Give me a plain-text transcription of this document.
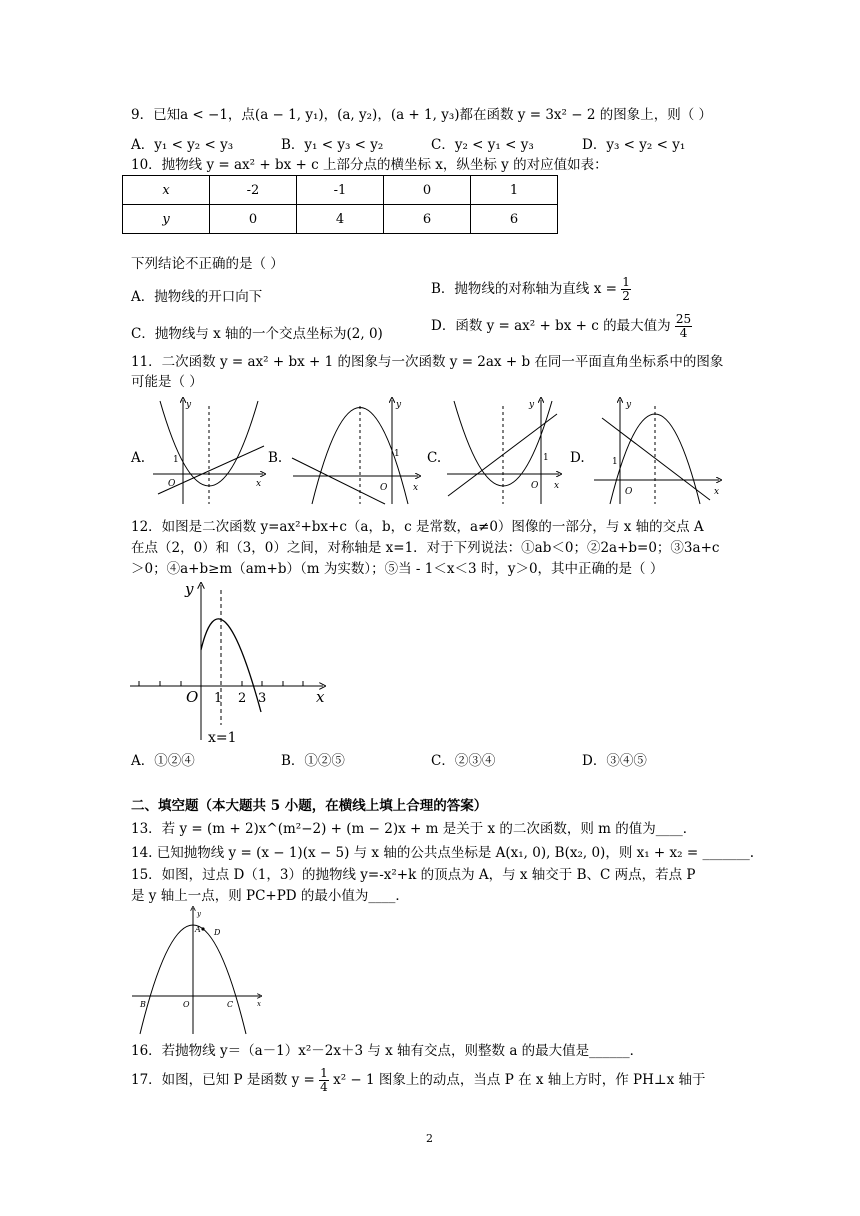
9．已知a < −1，点(a − 1, y₁)，(a, y₂)，(a + 1, y₃)都在函数 y = 3x² − 2 的图象上，则（ ）
A．y₁ < y₂ < y₃	B．y₁ < y₃ < y₂	C．y₂ < y₁ < y₃	D．y₃ < y₂ < y₁
10．抛物线 y = ax² + bx + c 上部分点的横坐标 x，纵坐标 y 的对应值如表：
x	-2	-1	0	1
y	0	4	6	6
下列结论不正确的是（ ）
A．抛物线的开口向下	B．抛物线的对称轴为直线 $x = \frac{1}{2}$
C．抛物线与 x 轴的一个交点坐标为(2, 0)	D．函数 y = ax² + bx + c 的最大值为 $\frac{25}{4}$
11．二次函数 y = ax² + bx + 1 的图象与一次函数 y = 2ax + b 在同一平面直角坐标系中的图象
可能是（ ）
A.	B.	C.	D.
y
x
O
1
y
x
O
1
y
x
O
1
y
x
O
1
12．如图是二次函数 y=ax²+bx+c（a，b，c 是常数，a≠0）图像的一部分，与 x 轴的交点 A
在点（2，0）和（3，0）之间，对称轴是 x=1．对于下列说法：①ab＜0；②2a+b=0；③3a+c
＞0；④a+b≥m（am+b）（m 为实数）；⑤当 - 1＜x＜3 时，y＞0，其中正确的是（ ）
y
x
O 1 2 3
x=1
A．①②④	B．①②⑤	C．②③④	D．③④⑤
二、填空题（本大题共 5 小题，在横线上填上合理的答案）
13．若 y = (m + 2)x^(m²−2) + (m − 2)x + m 是关于 x 的二次函数，则 m 的值为____．
14. 已知抛物线 y = (x − 1)(x − 5) 与 x 轴的公共点坐标是 A(x₁, 0), B(x₂, 0)，则 x₁ + x₂ = _______.
15．如图，过点 D（1，3）的抛物线 y=-x²+k 的顶点为 A，与 x 轴交于 B、C 两点，若点 P
是 y 轴上一点，则 PC+PD 的最小值为____．
y
x
A D
B	O	C
16．若抛物线 y＝（a－1）x²－2x＋3 与 x 轴有交点，则整数 a 的最大值是______．
17．如图，已知 P 是函数 $y = \frac{1}{4} x^2 - 1$ 图象上的动点，当点 P 在 x 轴上方时，作 PH⊥x 轴于
2
